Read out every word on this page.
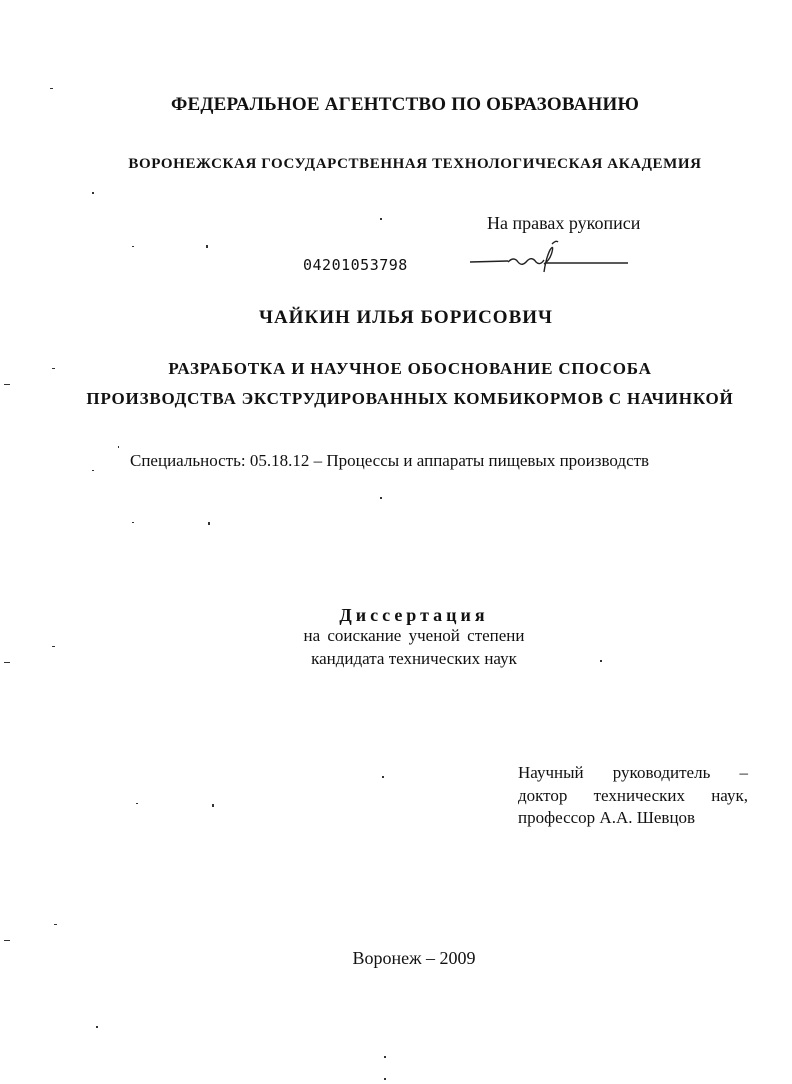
ФЕДЕРАЛЬНОЕ АГЕНТСТВО ПО ОБРАЗОВАНИЮ
ВОРОНЕЖСКАЯ ГОСУДАРСТВЕННАЯ ТЕХНОЛОГИЧЕСКАЯ АКАДЕМИЯ
На правах рукописи
04201053798
ЧАЙКИН ИЛЬЯ БОРИСОВИЧ
РАЗРАБОТКА И НАУЧНОЕ ОБОСНОВАНИЕ СПОСОБА
ПРОИЗВОДСТВА ЭКСТРУДИРОВАННЫХ КОМБИКОРМОВ С НАЧИНКОЙ
Специальность: 05.18.12 – Процессы и аппараты пищевых производств
Диссертация
на соискание ученой степени
кандидата технических наук
Научный руководитель –
доктор технических наук,
профессор А.А. Шевцов
Воронеж – 2009
